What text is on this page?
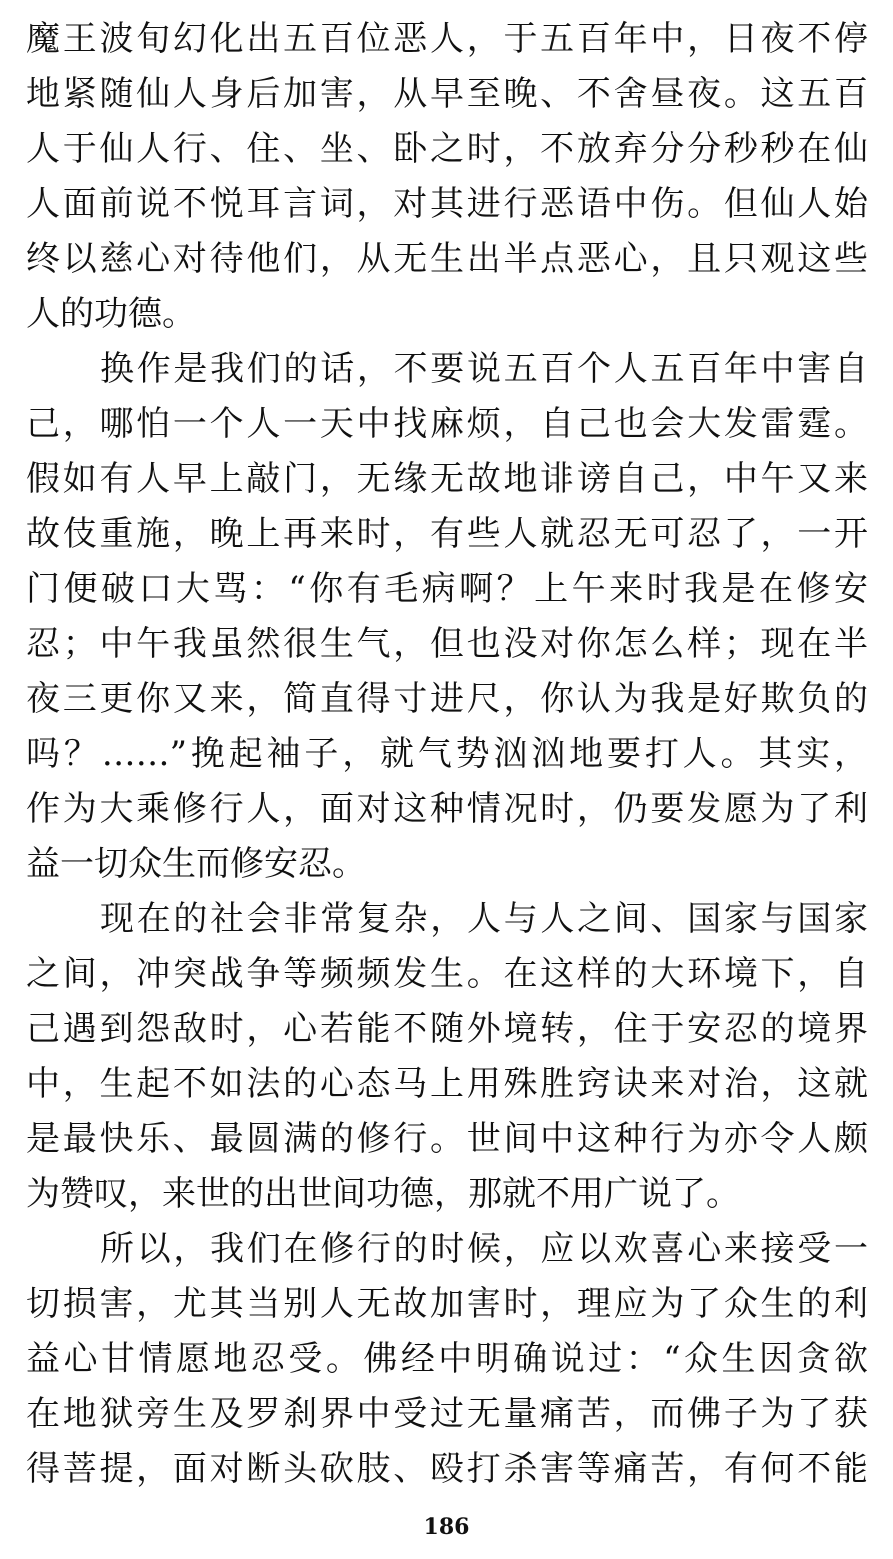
魔王波旬幻化出五百位恶人，于五百年中，日夜不停
地紧随仙人身后加害，从早至晚、不舍昼夜。这五百
人于仙人行、住、坐、卧之时，不放弃分分秒秒在仙
人面前说不悦耳言词，对其进行恶语中伤。但仙人始
终以慈心对待他们，从无生出半点恶心，且只观这些
人的功德。
换作是我们的话，不要说五百个人五百年中害自
己，哪怕一个人一天中找麻烦，自己也会大发雷霆。
假如有人早上敲门，无缘无故地诽谤自己，中午又来
故伎重施，晚上再来时，有些人就忍无可忍了，一开
门便破口大骂：“你有毛病啊？上午来时我是在修安
忍；中午我虽然很生气，但也没对你怎么样；现在半
夜三更你又来，简直得寸进尺，你认为我是好欺负的
吗？……”挽起袖子，就气势汹汹地要打人。其实，
作为大乘修行人，面对这种情况时，仍要发愿为了利
益一切众生而修安忍。
现在的社会非常复杂，人与人之间、国家与国家
之间，冲突战争等频频发生。在这样的大环境下，自
己遇到怨敌时，心若能不随外境转，住于安忍的境界
中，生起不如法的心态马上用殊胜窍诀来对治，这就
是最快乐、最圆满的修行。世间中这种行为亦令人颇
为赞叹，来世的出世间功德，那就不用广说了。
所以，我们在修行的时候，应以欢喜心来接受一
切损害，尤其当别人无故加害时，理应为了众生的利
益心甘情愿地忍受。佛经中明确说过：“众生因贪欲
在地狱旁生及罗刹界中受过无量痛苦，而佛子为了获
得菩提，面对断头砍肢、殴打杀害等痛苦，有何不能
186
